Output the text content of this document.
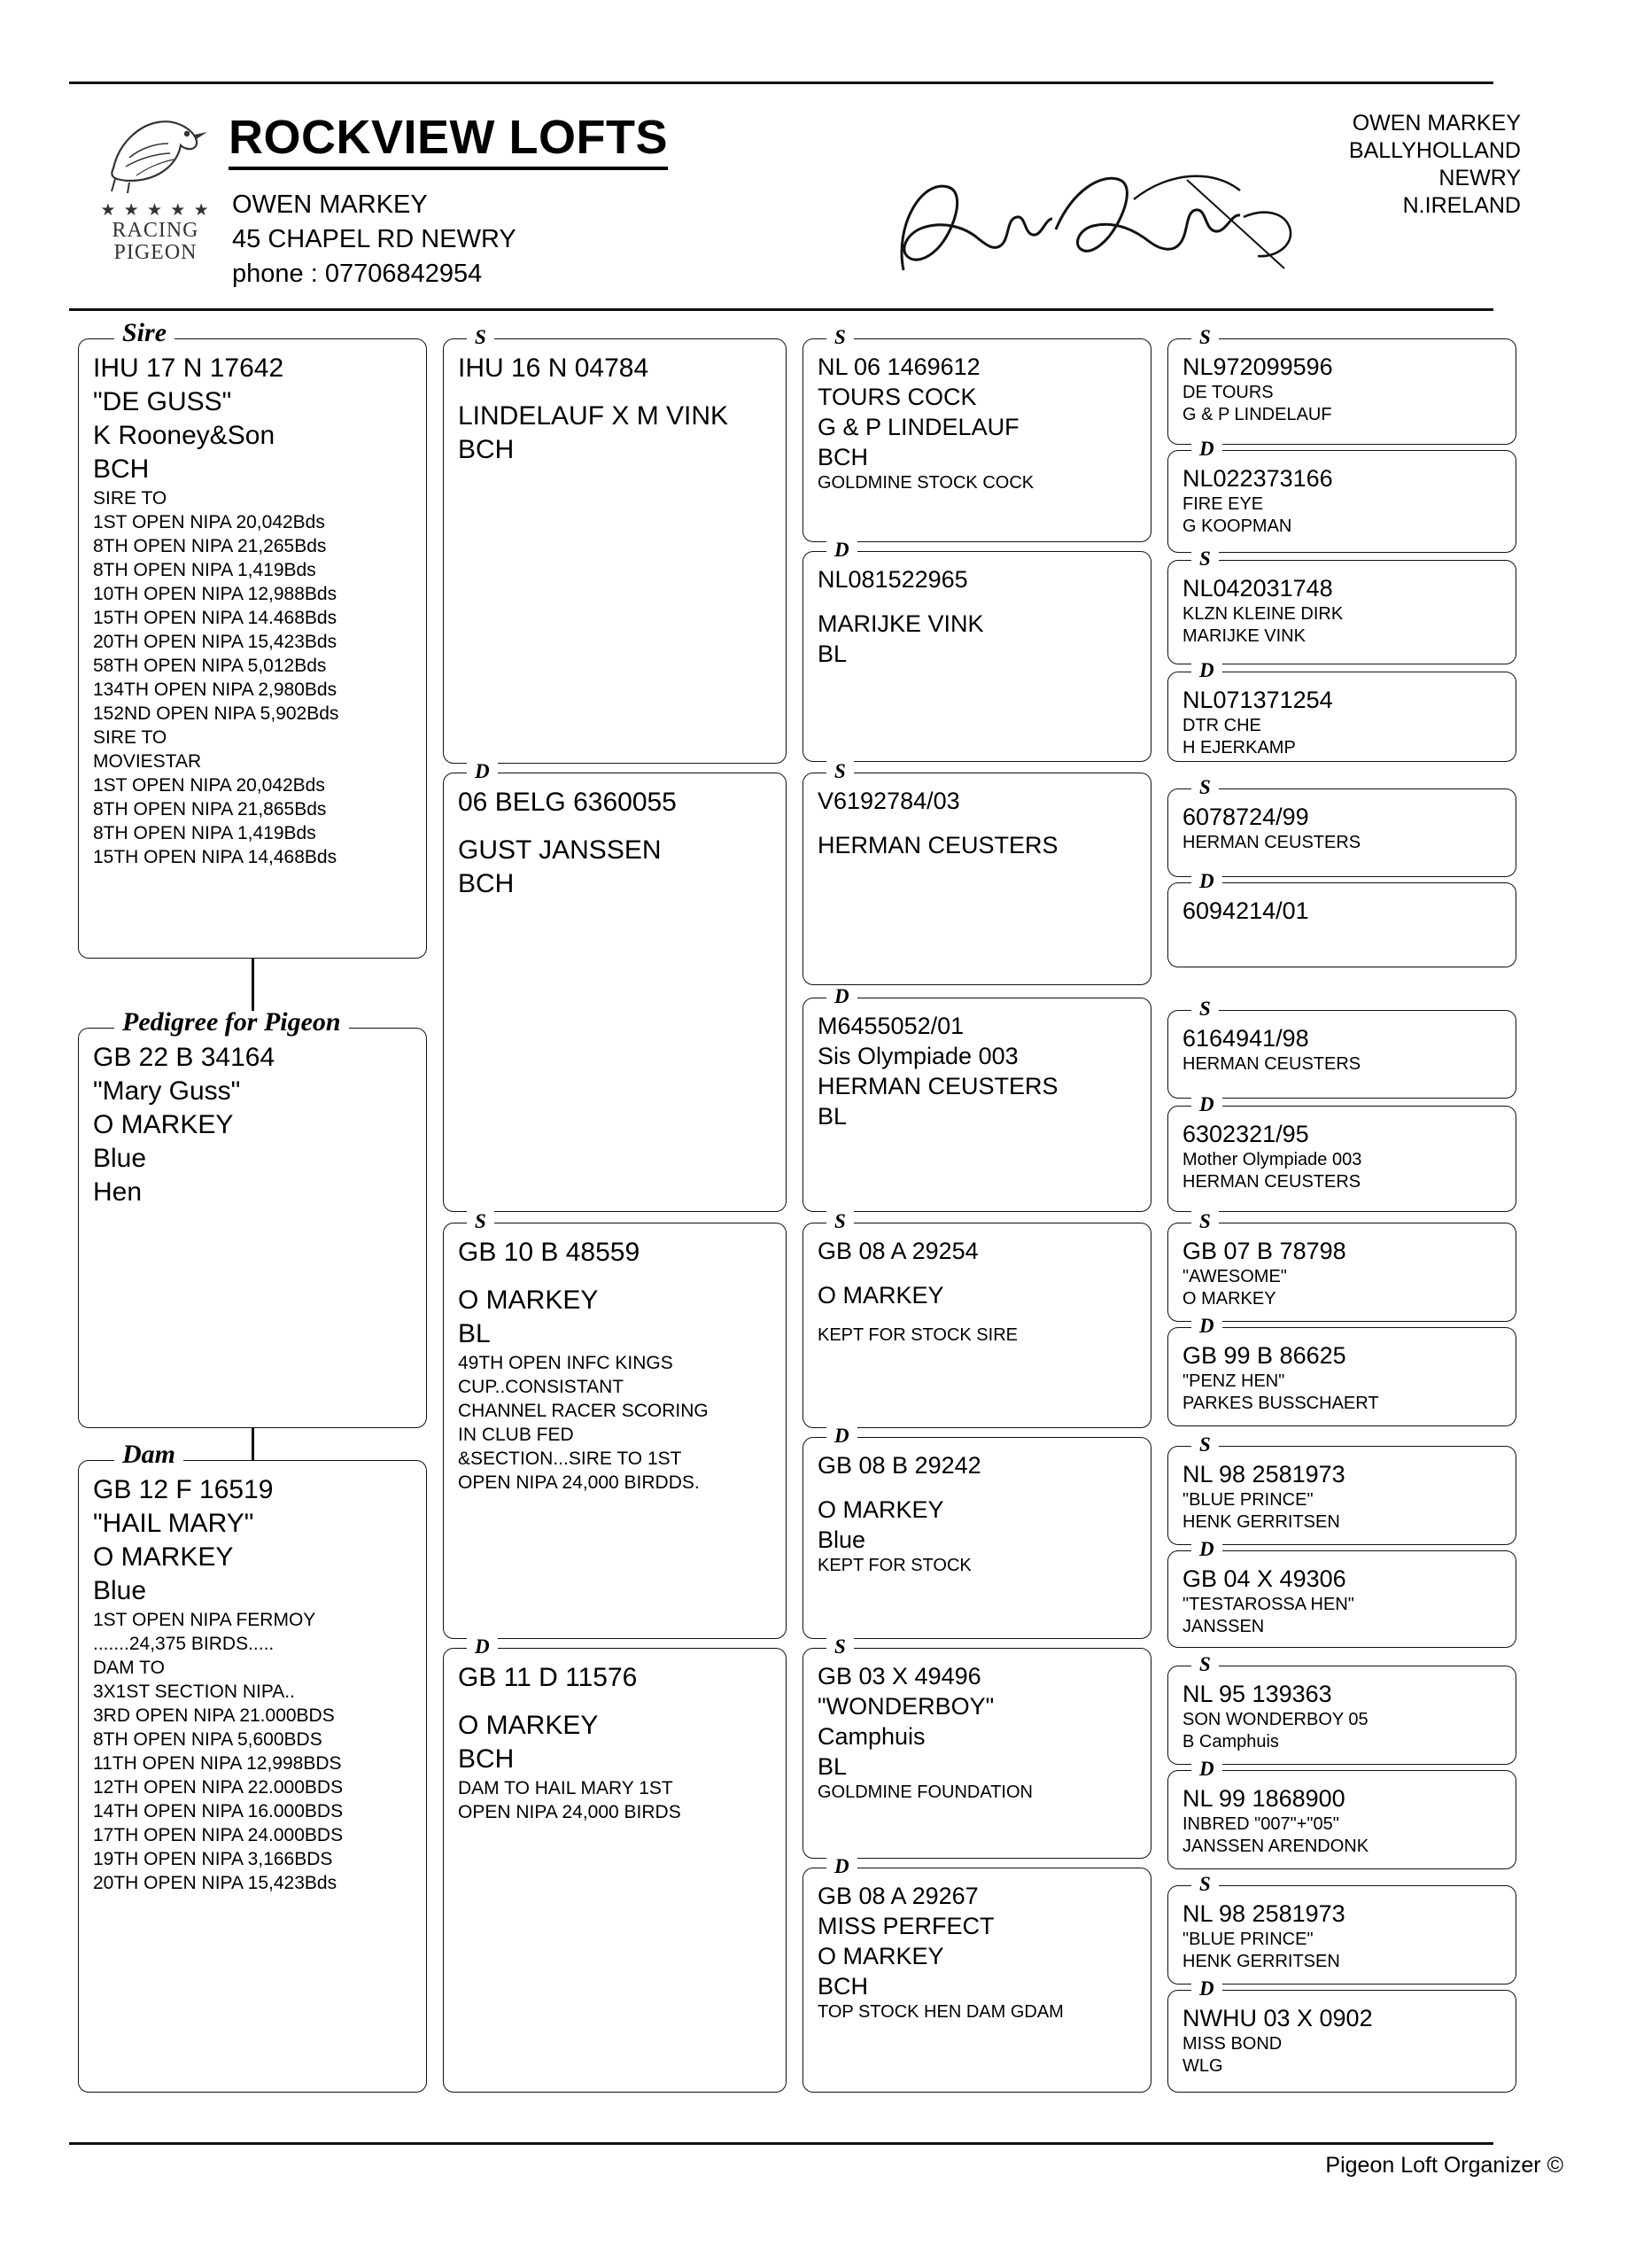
★ ★ ★ ★ ★
RACING
PIGEON
ROCKVIEW LOFTS
OWEN MARKEY
45 CHAPEL RD NEWRY
phone : 07706842954
OWEN MARKEY
BALLYHOLLAND
NEWRY
N.IRELAND
Sire
IHU 17 N 17642
"DE GUSS"
K Rooney&Son
BCH
SIRE TO
1ST OPEN NIPA 20,042Bds
8TH OPEN NIPA 21,265Bds
8TH OPEN NIPA 1,419Bds
10TH OPEN NIPA 12,988Bds
15TH OPEN NIPA 14.468Bds
20TH OPEN NIPA 15,423Bds
58TH OPEN NIPA 5,012Bds
134TH OPEN NIPA 2,980Bds
152ND OPEN NIPA 5,902Bds
SIRE TO
MOVIESTAR
1ST OPEN NIPA 20,042Bds
8TH OPEN NIPA 21,865Bds
8TH OPEN NIPA 1,419Bds
15TH OPEN NIPA 14,468Bds
Pedigree for Pigeon
GB 22 B 34164
"Mary Guss"
O MARKEY
Blue
Hen
Dam
GB 12 F 16519
"HAIL MARY"
O MARKEY
Blue
1ST OPEN NIPA FERMOY
.......24,375 BIRDS.....
DAM TO
3X1ST SECTION NIPA..
3RD OPEN NIPA 21.000BDS
8TH OPEN NIPA 5,600BDS
11TH OPEN NIPA 12,998BDS
12TH OPEN NIPA 22.000BDS
14TH OPEN NIPA 16.000BDS
17TH OPEN NIPA 24.000BDS
19TH OPEN NIPA 3,166BDS
20TH OPEN NIPA 15,423Bds
S
IHU 16 N 04784
LINDELAUF X M VINK
BCH
D
06 BELG 6360055
GUST JANSSEN
BCH
S
GB 10 B 48559
O MARKEY
BL
49TH OPEN INFC KINGS
CUP..CONSISTANT
CHANNEL RACER SCORING
IN CLUB FED
&SECTION...SIRE TO 1ST
OPEN NIPA 24,000 BIRDDS.
D
GB 11 D 11576
O MARKEY
BCH
DAM TO HAIL MARY 1ST
OPEN NIPA 24,000 BIRDS
S
NL 06 1469612
TOURS COCK
G & P LINDELAUF
BCH
GOLDMINE STOCK COCK
D
NL081522965
MARIJKE VINK
BL
S
V6192784/03
HERMAN CEUSTERS
D
M6455052/01
Sis Olympiade 003
HERMAN CEUSTERS
BL
S
GB 08 A 29254
O MARKEY
KEPT FOR STOCK SIRE
D
GB 08 B 29242
O MARKEY
Blue
KEPT FOR STOCK
S
GB 03 X 49496
"WONDERBOY"
Camphuis
BL
GOLDMINE FOUNDATION
D
GB 08 A 29267
MISS PERFECT
O MARKEY
BCH
TOP STOCK HEN DAM GDAM
S
NL972099596
DE TOURS
G & P LINDELAUF
D
NL022373166
FIRE EYE
G KOOPMAN
S
NL042031748
KLZN KLEINE DIRK
MARIJKE VINK
D
NL071371254
DTR CHE
H EJERKAMP
S
6078724/99
HERMAN CEUSTERS
D
6094214/01
S
6164941/98
HERMAN CEUSTERS
D
6302321/95
Mother Olympiade 003
HERMAN CEUSTERS
S
GB 07 B 78798
"AWESOME"
O MARKEY
D
GB 99 B 86625
"PENZ HEN"
PARKES BUSSCHAERT
S
NL 98 2581973
"BLUE PRINCE"
HENK GERRITSEN
D
GB 04 X 49306
"TESTAROSSA HEN"
JANSSEN
S
NL 95 139363
SON WONDERBOY 05
B Camphuis
D
NL 99 1868900
INBRED "007"+"05"
JANSSEN ARENDONK
S
NL 98 2581973
"BLUE PRINCE"
HENK GERRITSEN
D
NWHU 03 X 0902
MISS BOND
WLG
Pigeon Loft Organizer ©
